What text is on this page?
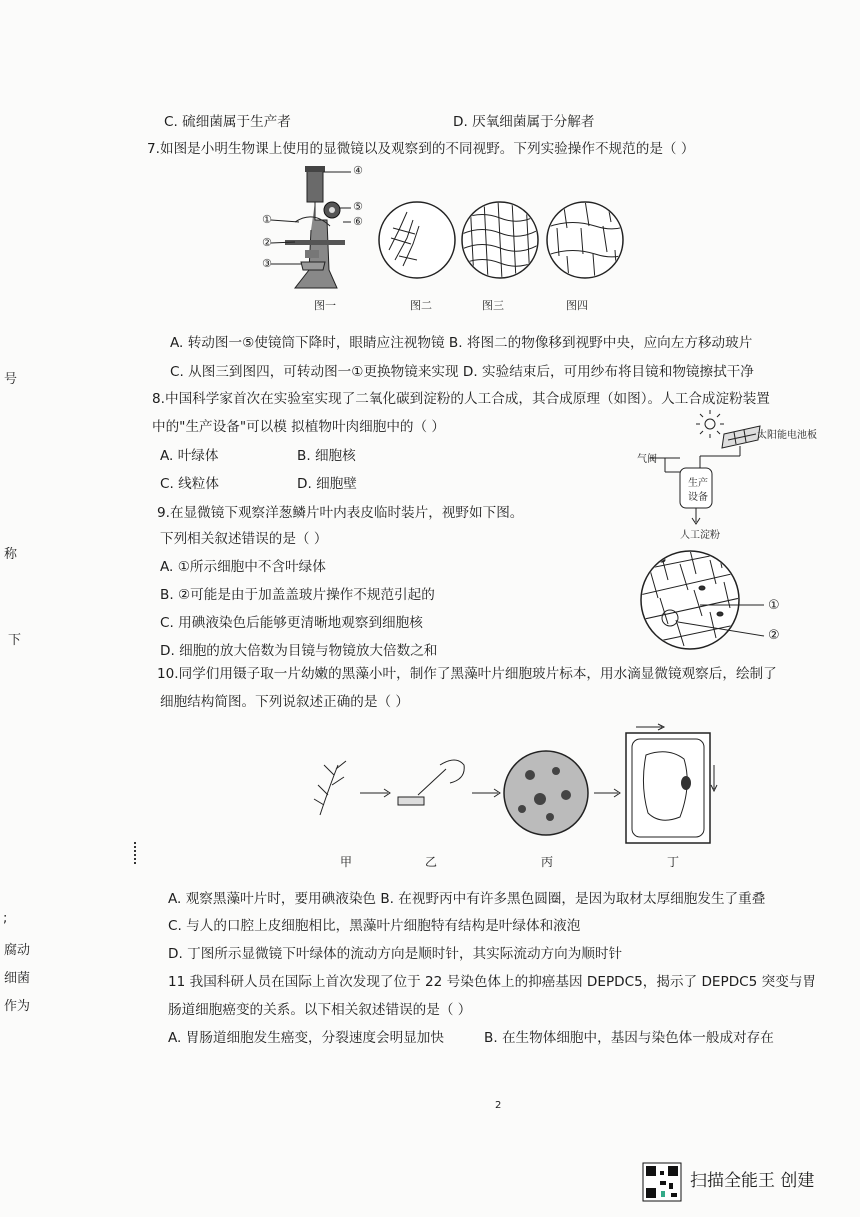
号
称
下
;
腐动
细菌
作为
C. 硫细菌属于生产者	D. 厌氧细菌属于分解者
7.如图是小明生物课上使用的显微镜以及观察到的不同视野。下列实验操作不规范的是（ ）
④
⑤
⑥
①
②
③
图一	图二	图三	图四
A. 转动图一⑤使镜筒下降时，眼睛应注视物镜 B. 将图二的物像移到视野中央，应向左方移动玻片
C. 从图三到图四，可转动图一①更换物镜来实现 D. 实验结束后，可用纱布将目镜和物镜擦拭干净
8.中国科学家首次在实验室实现了二氧化碳到淀粉的人工合成，其合成原理（如图）。人工合成淀粉装置
中的"生产设备"可以模 拟植物叶肉细胞中的（ ）
A. 叶绿体	B. 细胞核
C. 线粒体	D. 细胞壁
太阳能电池板
气阀
生产
设备
人工淀粉
9.在显微镜下观察洋葱鳞片叶内表皮临时装片，视野如下图。
下列相关叙述错误的是（ ）
A. ①所示细胞中不含叶绿体
B. ②可能是由于加盖盖玻片操作不规范引起的
C. 用碘液染色后能够更清晰地观察到细胞核
D. 细胞的放大倍数为目镜与物镜放大倍数之和
①
②
10.同学们用镊子取一片幼嫩的黑藻小叶，制作了黑藻叶片细胞玻片标本，用水滴显微镜观察后，绘制了
细胞结构简图。下列说叙述正确的是（ ）
甲	乙	丙	丁
A. 观察黑藻叶片时，要用碘液染色 B. 在视野丙中有许多黑色圆圈，是因为取材太厚细胞发生了重叠
C. 与人的口腔上皮细胞相比，黑藻叶片细胞特有结构是叶绿体和液泡
D. 丁图所示显微镜下叶绿体的流动方向是顺时针，其实际流动方向为顺时针
11 我国科研人员在国际上首次发现了位于 22 号染色体上的抑癌基因 DEPDC5，揭示了 DEPDC5 突变与胃
肠道细胞癌变的关系。以下相关叙述错误的是（ ）
A. 胃肠道细胞发生癌变，分裂速度会明显加快	B. 在生物体细胞中，基因与染色体一般成对存在
2
扫描全能王 创建
